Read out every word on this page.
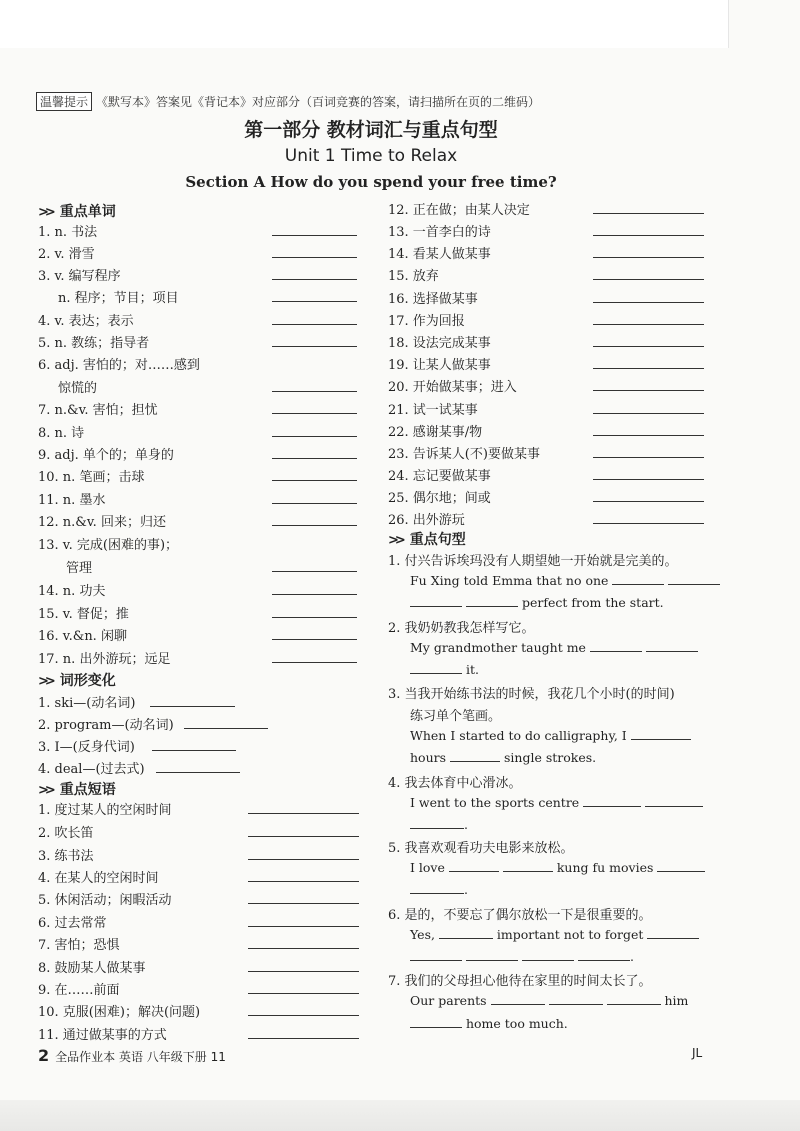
温馨提示 《默写本》答案见《背记本》对应部分（百词竞赛的答案，请扫描所在页的二维码）
第一部分 教材词汇与重点句型
Unit 1 Time to Relax
Section A How do you spend your free time?
>> 重点单词
1. n. 书法
2. v. 滑雪
3. v. 编写程序
n. 程序；节目；项目
4. v. 表达；表示
5. n. 教练；指导者
6. adj. 害怕的；对……感到
惊慌的
7. n.&v. 害怕；担忧
8. n. 诗
9. adj. 单个的；单身的
10. n. 笔画；击球
11. n. 墨水
12. n.&v. 回来；归还
13. v. 完成(困难的事)；
管理
14. n. 功夫
15. v. 督促；推
16. v.&n. 闲聊
17. n. 出外游玩；远足
>> 词形变化
1. ski—(动名词)
2. program—(动名词)
3. I—(反身代词)
4. deal—(过去式)
>> 重点短语
1. 度过某人的空闲时间
2. 吹长笛
3. 练书法
4. 在某人的空闲时间
5. 休闲活动；闲暇活动
6. 过去常常
7. 害怕；恐惧
8. 鼓励某人做某事
9. 在……前面
10. 克服(困难)；解决(问题)
11. 通过做某事的方式
12. 正在做；由某人决定
13. 一首李白的诗
14. 看某人做某事
15. 放弃
16. 选择做某事
17. 作为回报
18. 设法完成某事
19. 让某人做某事
20. 开始做某事；进入
21. 试一试某事
22. 感谢某事/物
23. 告诉某人(不)要做某事
24. 忘记要做某事
25. 偶尔地；间或
26. 出外游玩
>> 重点句型
1. 付兴告诉埃玛没有人期望她一开始就是完美的。
Fu Xing told Emma that no one
perfect from the start.
2. 我奶奶教我怎样写它。
My grandmother taught me
it.
3. 当我开始练书法的时候，我花几个小时(的时间)
练习单个笔画。
When I started to do calligraphy, I
hours	single strokes.
4. 我去体育中心滑冰。
I went to the sports centre
.
5. 我喜欢观看功夫电影来放松。
I love	kung fu movies
.
6. 是的，不要忘了偶尔放松一下是很重要的。
Yes,	important not to forget
.
7. 我们的父母担心他待在家里的时间太长了。
Our parents	him
home too much.
2 全品作业本 英语 八年级下册 11	JL
